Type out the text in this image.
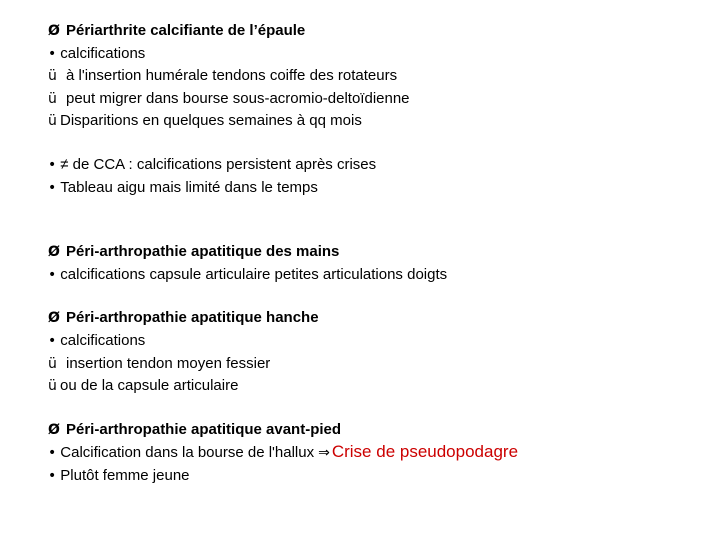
Ø Périarthrite calcifiante de l’épaule
• calcifications
ü à l'insertion humérale tendons coiffe des rotateurs
ü peut migrer dans bourse sous-acromio-deltoïdienne
ü Disparitions en quelques semaines à qq mois
• ≠ de CCA : calcifications persistent après crises
• Tableau aigu mais limité dans le temps
Ø Péri-arthropathie apatitique des mains
• calcifications capsule articulaire petites articulations doigts
Ø Péri-arthropathie apatitique hanche
• calcifications
ü insertion tendon moyen fessier
ü ou de la capsule articulaire
Ø Péri-arthropathie apatitique avant-pied
• Calcification dans la bourse de l'hallux ⇒ Crise de pseudopodagre
• Plutôt femme jeune
